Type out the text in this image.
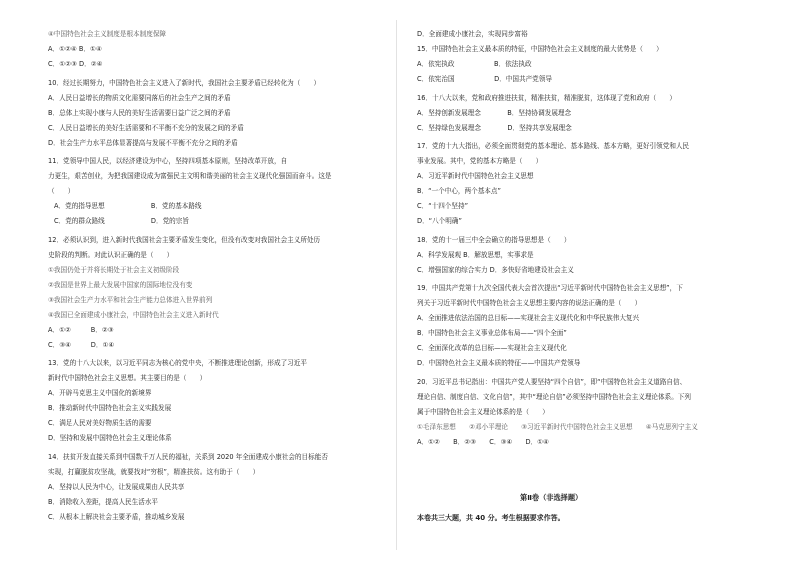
④中国特色社会主义制度是根本制度保障
A．①②④ B．①④
C．①②③ D．②④
10．经过长期努力，中国特色社会主义进入了新时代，我国社会主要矛盾已经转化为（　　）
A．人民日益增长的物质文化需要同落后的社会生产之间的矛盾
B．总体上实现小康与人民的美好生活需要日益广泛之间的矛盾
C．人民日益增长的美好生活需要和不平衡不充分的发展之间的矛盾
D．社会生产力水平总体显著提高与发展不平衡不充分之间的矛盾
11．党领导中国人民，以经济建设为中心，坚持四项基本原则，坚持改革开放，自
力更生，艰苦创业，为把我国建设成为富强民主文明和谐美丽的社会主义现代化强国而奋斗。这是
（　　）
A．党的指导思想　　　　　　　B．党的基本路线
C．党的群众路线　　　　　　　D．党的宗旨
12．必须认识到，进入新时代我国社会主要矛盾发生变化，但没有改变对我国社会主义所处历
史阶段的判断。对此认识正确的是（　　）
①我国仍处于并将长期处于社会主义初级阶段
②我国是世界上最大发展中国家的国际地位没有变
③我国社会生产力水平和社会生产能力总体进入世界前列
④我国已全面建成小康社会，中国特色社会主义进入新时代
A．①②　　　B．②③
C．③④　　　D．①④
13．党的十八大以来，以习近平同志为核心的党中央，不断推进理论创新，形成了习近平
新时代中国特色社会主义思想。其主要目的是（　　）
A．开辟马克思主义中国化的新境界
B．推动新时代中国特色社会主义实践发展
C．满足人民对美好物质生活的需要
D．坚持和发展中国特色社会主义理论体系
14．扶贫开发直接关系到中国数千万人民的福祉，关系到 2020 年全面建成小康社会的目标能否
实现，打赢脱贫攻坚战，就要找对“穷根”，精准扶贫。这有助于（　　）
A．坚持以人民为中心，让发展成果由人民共享
B．消除收入差距，提高人民生活水平
C．从根本上解决社会主要矛盾，推动城乡发展
D．全面建成小康社会，实现同步富裕
15．中国特色社会主义最本质的特征，中国特色社会主义制度的最大优势是（　　）
A．依宪执政　　　　　　B．依法执政
C．依宪治国　　　　　　D．中国共产党领导
16．十八大以来，党和政府推进扶贫，精准扶贫，精准脱贫，这体现了党和政府（　　）
A．坚持创新发展理念　　　　B．坚持协调发展理念
C．坚持绿色发展理念　　　　D．坚持共享发展理念
17．党的十九大指出，必须全面贯彻党的基本理论、基本路线、基本方略，更好引领党和人民
事业发展。其中，党的基本方略是（　　）
A．习近平新时代中国特色社会主义思想
B．“一个中心，两个基本点”
C．“十四个坚持”
D．“八个明确”
18．党的十一届三中全会确立的指导思想是（　　）
A．科学发展观 B．解放思想，实事求是
C．增强国家的综合实力 D．多快好省地建设社会主义
19．中国共产党第十九次全国代表大会首次提出“习近平新时代中国特色社会主义思想”，下
列关于习近平新时代中国特色社会主义思想主要内容的说法正确的是（　　）
A．全面推进依法治国的总目标——实现社会主义现代化和中华民族伟大复兴
B．中国特色社会主义事业总体布局——“四个全面”
C．全面深化改革的总目标——实现社会主义现代化
D．中国特色社会主义最本质的特征——中国共产党领导
20．习近平总书记指出：中国共产党人要坚持“四个自信”，即“中国特色社会主义道路自信、
理论自信、制度自信、文化自信”，其中“理论自信”必须坚持中国特色社会主义理论体系。下列
属于中国特色社会主义理论体系的是（　　）
①毛泽东思想　　②邓小平理论　　③习近平新时代中国特色社会主义思想　　④马克思列宁主义
A．①②　　B．②③　　C．③④　　D．①④
第Ⅱ卷（非选择题）
本卷共三大题，共 40 分。考生根据要求作答。
